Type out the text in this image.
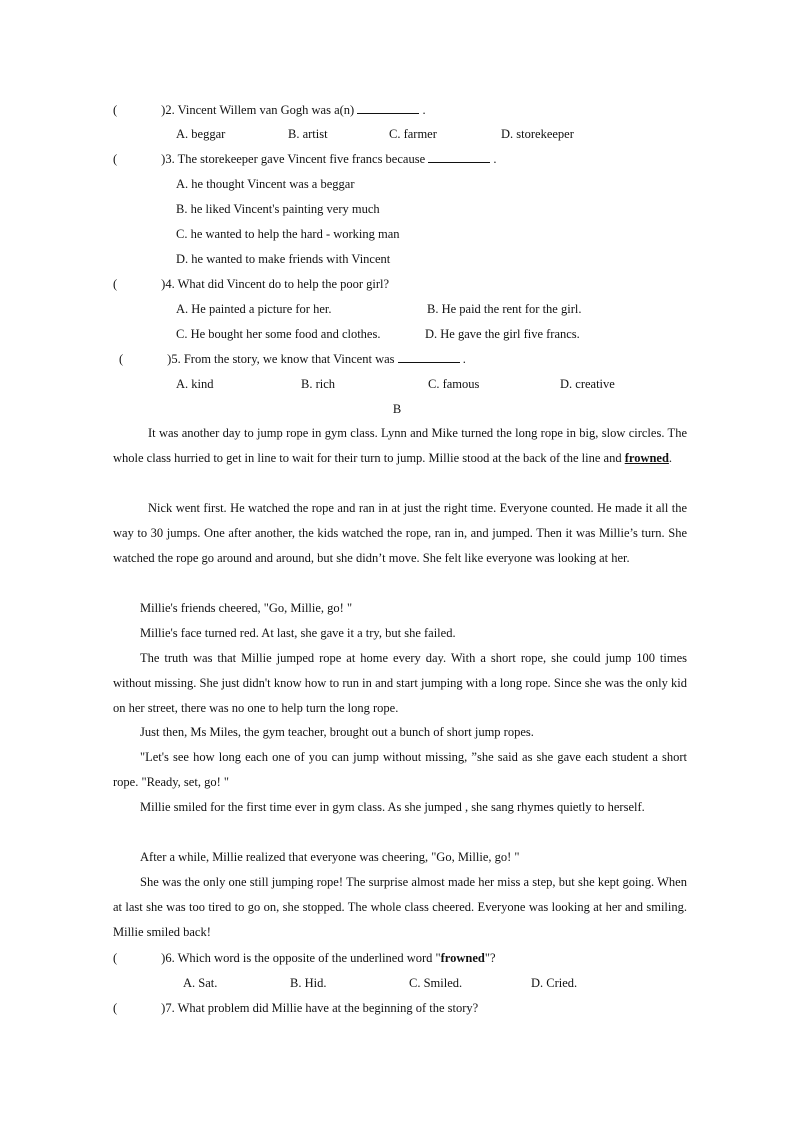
(	)2. Vincent Willem van Gogh was a(n)	.
A. beggar	B. artist	C. farmer	D. storekeeper
(	)3. The storekeeper gave Vincent five francs because	.
A. he thought Vincent was a beggar
B. he liked Vincent's painting very much
C. he wanted to help the hard - working man
D. he wanted to make friends with Vincent
(	)4. What did Vincent do to help the poor girl?
A. He painted a picture for her.	B. He paid the rent for the girl.
C. He bought her some food and clothes.	D. He gave the girl five francs.
(	)5. From the story, we know that Vincent was	.
A. kind	B. rich	C. famous	D. creative
B
It was another day to jump rope in gym class. Lynn and Mike turned the long rope in big, slow circles. The whole class hurried to get in line to wait for their turn to jump. Millie stood at the back of the line and frowned.
Nick went first. He watched the rope and ran in at just the right time. Everyone counted. He made it all the way to 30 jumps. One after another, the kids watched the rope, ran in, and jumped. Then it was Millie’s turn. She watched the rope go around and around, but she didn’t move. She felt like everyone was looking at her.
Millie's friends cheered, "Go, Millie, go! "
Millie's face turned red. At last, she gave it a try, but she failed.
The truth was that Millie jumped rope at home every day. With a short rope, she could jump 100 times without missing. She just didn't know how to run in and start jumping with a long rope. Since she was the only kid on her street, there was no one to help turn the long rope.
Just then, Ms Miles, the gym teacher, brought out a bunch of short jump ropes.
"Let's see how long each one of you can jump without missing, ”she said as she gave each student a short rope. "Ready, set, go! "
Millie smiled for the first time ever in gym class. As she jumped , she sang rhymes quietly to herself.
After a while, Millie realized that everyone was cheering, "Go, Millie, go! "
She was the only one still jumping rope! The surprise almost made her miss a step, but she kept going. When at last she was too tired to go on, she stopped. The whole class cheered. Everyone was looking at her and smiling. Millie smiled back!
(	)6. Which word is the opposite of the underlined word "frowned"?
A. Sat.	B. Hid.	C. Smiled.	D. Cried.
(	)7. What problem did Millie have at the beginning of the story?
